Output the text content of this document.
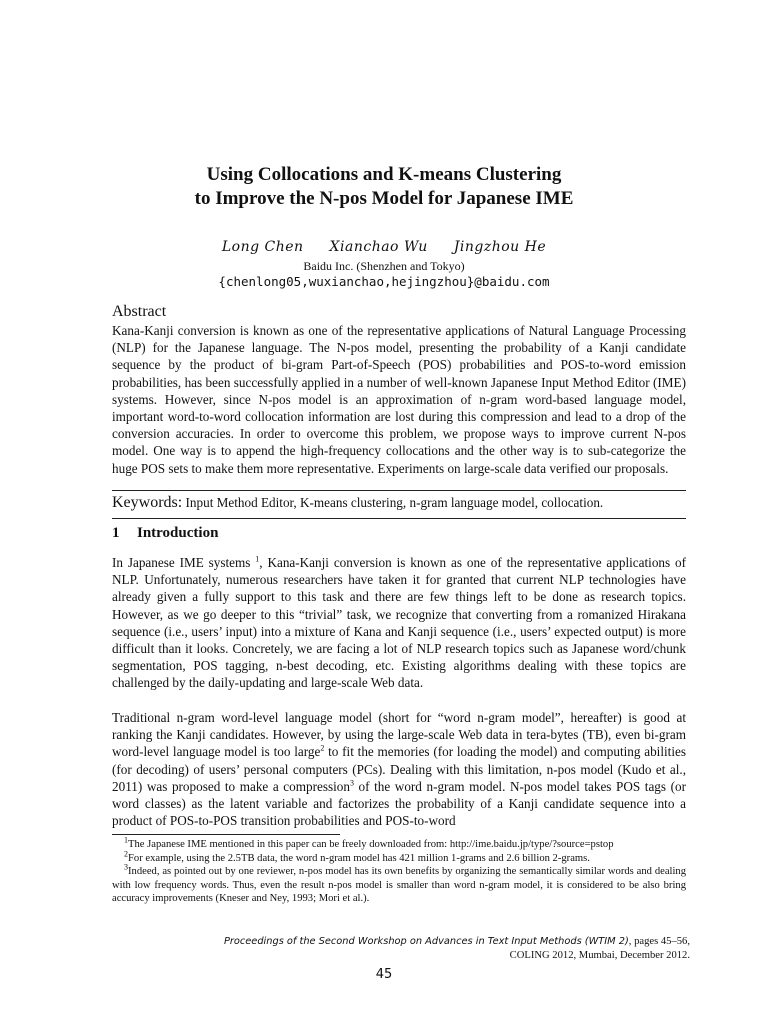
Using Collocations and K-means Clustering
to Improve the N-pos Model for Japanese IME
Long Chen Xianchao Wu Jingzhou He
Baidu Inc. (Shenzhen and Tokyo)
{chenlong05,wuxianchao,hejingzhou}@baidu.com
Abstract
Kana-Kanji conversion is known as one of the representative applications of Natural Language Processing (NLP) for the Japanese language. The N-pos model, presenting the probability of a Kanji candidate sequence by the product of bi-gram Part-of-Speech (POS) probabilities and POS-to-word emission probabilities, has been successfully applied in a number of well-known Japanese Input Method Editor (IME) systems. However, since N-pos model is an approximation of n-gram word-based language model, important word-to-word collocation information are lost during this compression and lead to a drop of the conversion accuracies. In order to overcome this problem, we propose ways to improve current N-pos model. One way is to append the high-frequency collocations and the other way is to sub-categorize the huge POS sets to make them more representative. Experiments on large-scale data verified our proposals.
Keywords: Input Method Editor, K-means clustering, n-gram language model, collocation.
1 Introduction
In Japanese IME systems $^1$, Kana-Kanji conversion is known as one of the representative applications of NLP. Unfortunately, numerous researchers have taken it for granted that current NLP technologies have already given a fully support to this task and there are few things left to be done as research topics. However, as we go deeper to this “trivial” task, we recognize that converting from a romanized Hirakana sequence (i.e., users’ input) into a mixture of Kana and Kanji sequence (i.e., users’ expected output) is more difficult than it looks. Concretely, we are facing a lot of NLP research topics such as Japanese word/chunk segmentation, POS tagging, n-best decoding, etc. Existing algorithms dealing with these topics are challenged by the daily-updating and large-scale Web data.
Traditional n-gram word-level language model (short for “word n-gram model”, hereafter) is good at ranking the Kanji candidates. However, by using the large-scale Web data in tera-bytes (TB), even bi-gram word-level language model is too large$^2$ to fit the memories (for loading the model) and computing abilities (for decoding) of users’ personal computers (PCs). Dealing with this limitation, n-pos model (Kudo et al., 2011) was proposed to make a compression$^3$ of the word n-gram model. N-pos model takes POS tags (or word classes) as the latent variable and factorizes the probability of a Kanji candidate sequence into a product of POS-to-POS transition probabilities and POS-to-word
$^1$The Japanese IME mentioned in this paper can be freely downloaded from: http://ime.baidu.jp/type/?source=pstop
$^2$For example, using the 2.5TB data, the word n-gram model has 421 million 1-grams and 2.6 billion 2-grams.
$^3$Indeed, as pointed out by one reviewer, n-pos model has its own benefits by organizing the semantically similar words and dealing with low frequency words. Thus, even the result n-pos model is smaller than word n-gram model, it is considered to be also bring accuracy improvements (Kneser and Ney, 1993; Mori et al.).
Proceedings of the Second Workshop on Advances in Text Input Methods (WTIM 2), pages 45–56,
COLING 2012, Mumbai, December 2012.
45
